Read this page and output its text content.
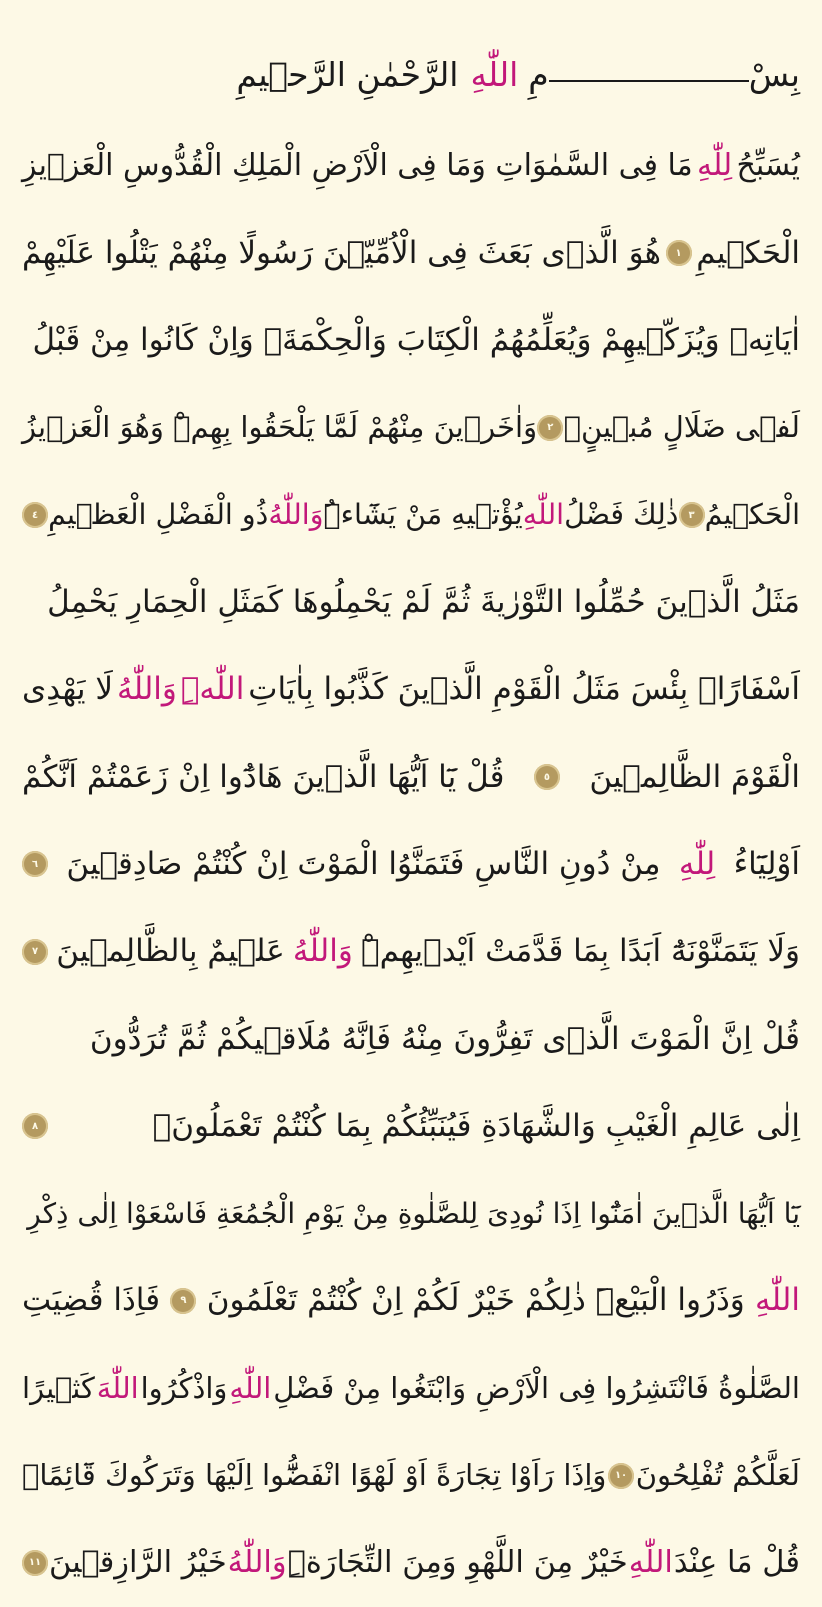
بِسْ
مِ
اللّٰهِ
الرَّحْمٰنِ الرَّح۪يمِ
يُسَبِّحُ
لِلّٰهِ
مَا فِى السَّمٰوَاتِ وَمَا فِى الْاَرْضِ الْمَلِكِ الْقُدُّوسِ الْعَز۪يزِ
الْحَك۪يمِ
١
هُوَ الَّذ۪ى بَعَثَ فِى الْاُمِّيّ۪نَ رَسُولًا مِنْهُمْ يَتْلُوا عَلَيْهِمْ
اٰيَاتِه۪ وَيُزَكّ۪يهِمْ وَيُعَلِّمُهُمُ الْكِتَابَ وَالْحِكْمَةَۗ وَاِنْ كَانُوا مِنْ قَبْلُ
لَف۪ى ضَلَالٍ مُب۪ينٍۙ
٢
وَاٰخَر۪ينَ مِنْهُمْ لَمَّا يَلْحَقُوا بِهِمْۜ وَهُوَ الْعَز۪يزُ
الْحَك۪يمُ
٣
ذٰلِكَ فَضْلُ
اللّٰهِ
يُؤْت۪يهِ مَنْ يَشَٓاءُۜ
وَاللّٰهُ
ذُو الْفَضْلِ الْعَظ۪يمِ
٤
مَثَلُ الَّذ۪ينَ حُمِّلُوا التَّوْرٰيةَ ثُمَّ لَمْ يَحْمِلُوهَا كَمَثَلِ الْحِمَارِ يَحْمِلُ
اَسْفَارًاۜ بِئْسَ مَثَلُ الْقَوْمِ الَّذ۪ينَ كَذَّبُوا بِاٰيَاتِ
اللّٰهِۜ
وَاللّٰهُ
لَا يَهْدِى
الْقَوْمَ الظَّالِم۪ينَ
٥
قُلْ يَٓا اَيُّهَا الَّذ۪ينَ هَادُٓوا اِنْ زَعَمْتُمْ اَنَّكُمْ
اَوْلِيَٓاءُ
لِلّٰهِ
مِنْ دُونِ النَّاسِ فَتَمَنَّوُا الْمَوْتَ اِنْ كُنْتُمْ صَادِق۪ينَ
٦
وَلَا يَتَمَنَّوْنَهُٓ اَبَدًا بِمَا قَدَّمَتْ اَيْد۪يهِمْۜ
وَاللّٰهُ
عَل۪يمٌ بِالظَّالِم۪ينَ
٧
قُلْ اِنَّ الْمَوْتَ الَّذ۪ى تَفِرُّونَ مِنْهُ فَاِنَّهُ مُلَاق۪يكُمْ ثُمَّ تُرَدُّونَ
اِلٰى عَالِمِ الْغَيْبِ وَالشَّهَادَةِ فَيُنَبِّئُكُمْ بِمَا كُنْتُمْ تَعْمَلُونَ۟
٨
يَٓا اَيُّهَا الَّذ۪ينَ اٰمَنُٓوا اِذَا نُودِىَ لِلصَّلٰوةِ مِنْ يَوْمِ الْجُمُعَةِ فَاسْعَوْا اِلٰى ذِكْرِ
اللّٰهِ
وَذَرُوا الْبَيْعَۜ ذٰلِكُمْ خَيْرٌ لَكُمْ اِنْ كُنْتُمْ تَعْلَمُونَ
٩
فَاِذَا قُضِيَتِ
الصَّلٰوةُ فَانْتَشِرُوا فِى الْاَرْضِ وَابْتَغُوا مِنْ فَضْلِ
اللّٰهِ
وَاذْكُرُوا
اللّٰهَ
كَث۪يرًا
لَعَلَّكُمْ تُفْلِحُونَ
١٠
وَاِذَا رَاَوْا تِجَارَةً اَوْ لَهْوًا انْفَضُّٓوا اِلَيْهَا وَتَرَكُوكَ قَٓائِمًاۜ
قُلْ مَا عِنْدَ
اللّٰهِ
خَيْرٌ مِنَ اللَّهْوِ وَمِنَ التِّجَارَةِۜ
وَاللّٰهُ
خَيْرُ الرَّازِق۪ينَ
١١
